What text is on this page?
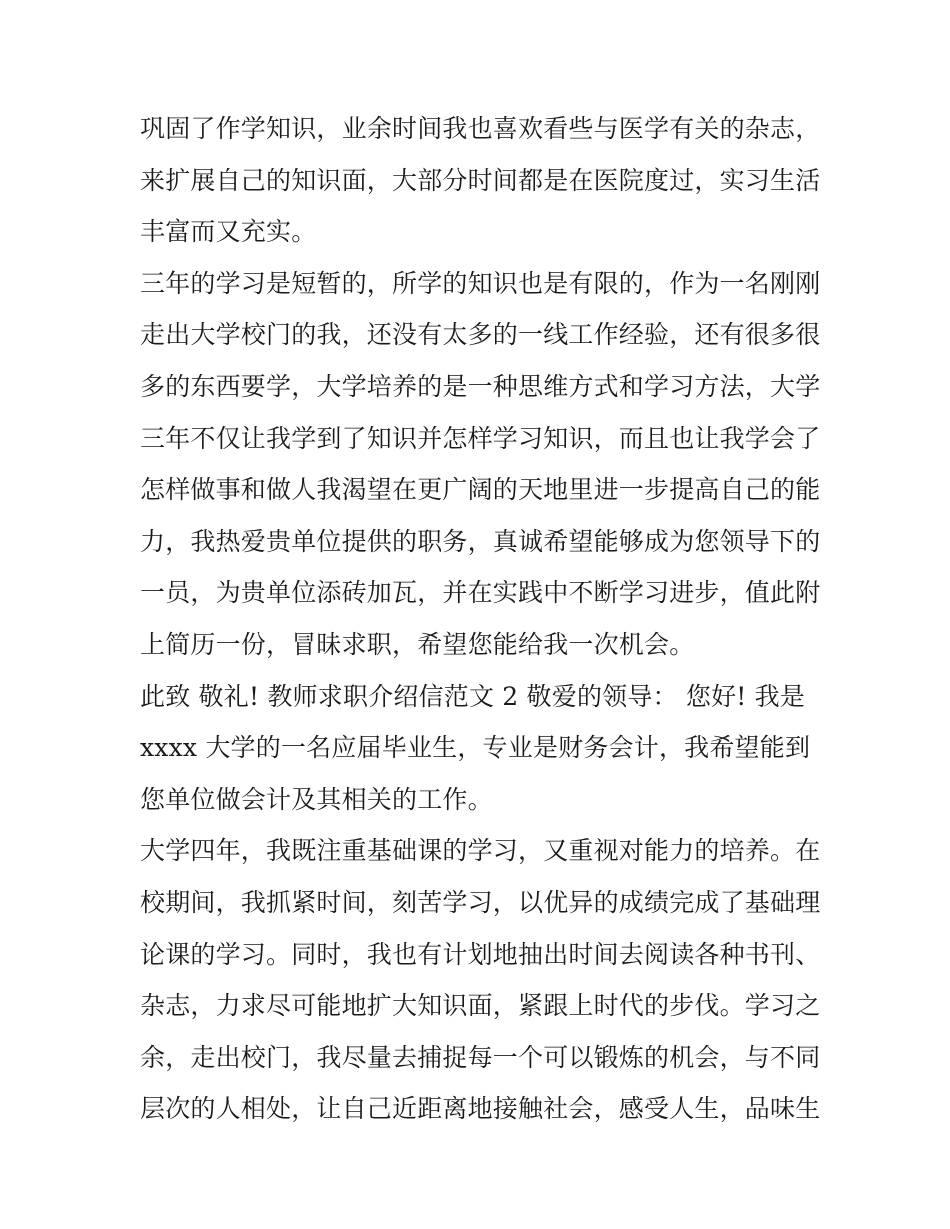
巩固了作学知识，业余时间我也喜欢看些与医学有关的杂志，
来扩展自己的知识面，大部分时间都是在医院度过，实习生活
丰富而又充实。
三年的学习是短暂的，所学的知识也是有限的，作为一名刚刚
走出大学校门的我，还没有太多的一线工作经验，还有很多很
多的东西要学，大学培养的是一种思维方式和学习方法，大学
三年不仅让我学到了知识并怎样学习知识，而且也让我学会了
怎样做事和做人我渴望在更广阔的天地里进一步提高自己的能
力，我热爱贵单位提供的职务，真诚希望能够成为您领导下的
一员，为贵单位添砖加瓦，并在实践中不断学习进步，值此附
上简历一份，冒昧求职，希望您能给我一次机会。
此致 敬礼! 教师求职介绍信范文 2 敬爱的领导： 您好! 我是
xxxx 大学的一名应届毕业生，专业是财务会计，我希望能到
您单位做会计及其相关的工作。
大学四年，我既注重基础课的学习，又重视对能力的培养。在
校期间，我抓紧时间，刻苦学习，以优异的成绩完成了基础理
论课的学习。同时，我也有计划地抽出时间去阅读各种书刊、
杂志，力求尽可能地扩大知识面，紧跟上时代的步伐。学习之
余，走出校门，我尽量去捕捉每一个可以锻炼的机会，与不同
层次的人相处，让自己近距离地接触社会，感受人生，品味生
